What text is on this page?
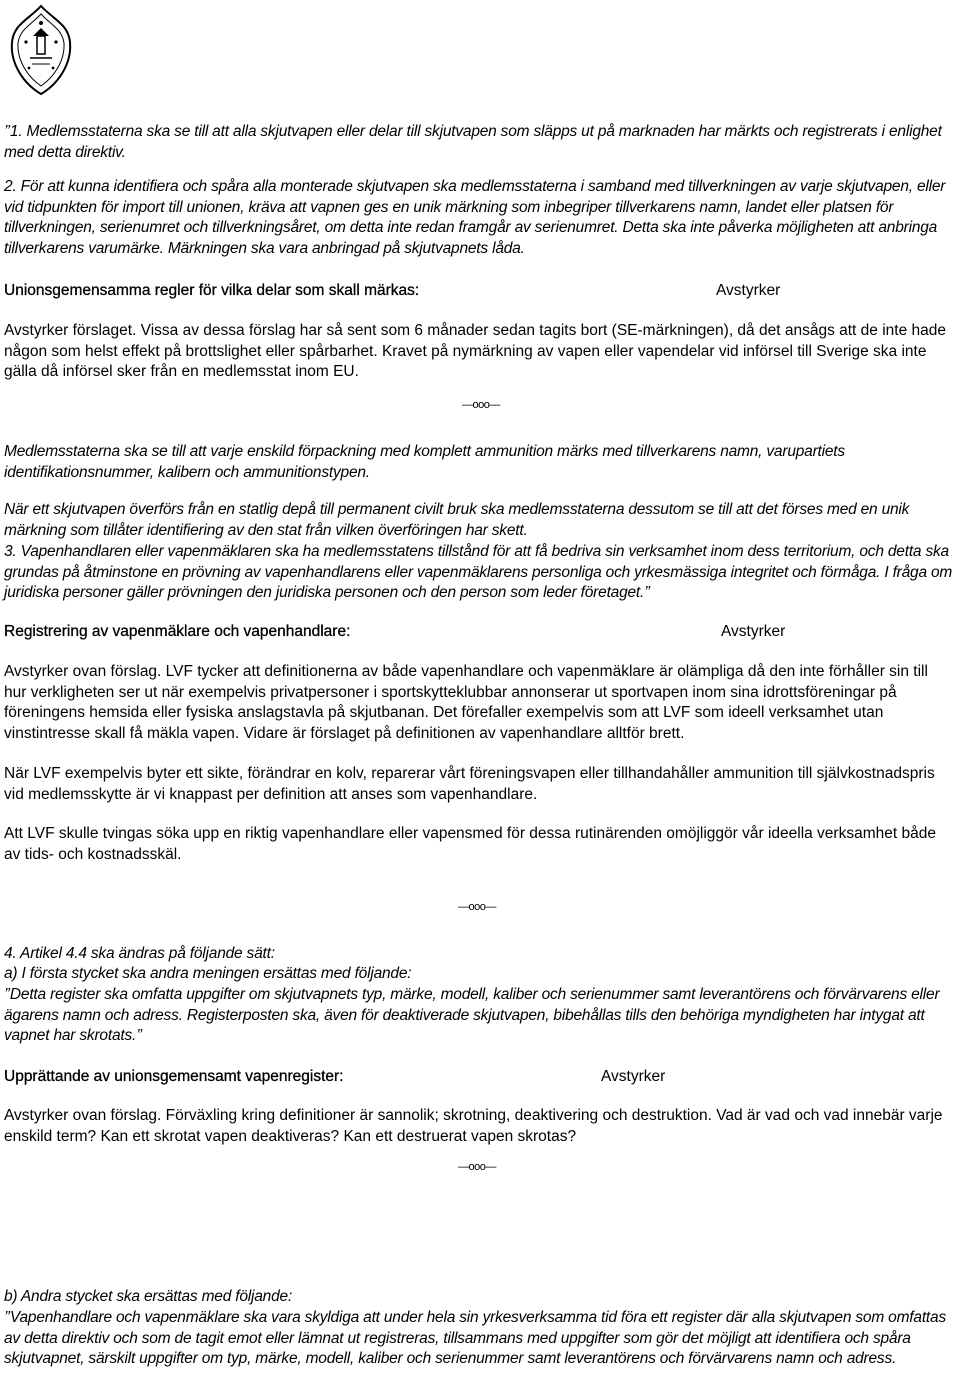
’’1. Medlemsstaterna ska se till att alla skjutvapen eller delar till skjutvapen som släpps ut på marknaden har märkts och registrerats i enlighet med detta direktiv.

2. För att kunna identifiera och spåra alla monterade skjutvapen ska medlemsstaterna i samband med tillverkningen av varje skjutvapen, eller vid tidpunkten för import till unionen, kräva att vapnen ges en unik märkning som inbegriper tillverkarens namn, landet eller platsen för tillverkningen, serienumret och tillverkningsåret, om detta inte redan framgår av serienumret. Detta ska inte påverka möjligheten att anbringa tillverkarens varumärke. Märkningen ska vara anbringad på skjutvapnets låda.

Unionsgemensamma regler för vilka delar som skall märkas:	Avstyrker

Avstyrker förslaget. Vissa av dessa förslag har så sent som 6 månader sedan tagits bort (SE-märkningen), då det ansågs att de inte hade någon som helst effekt på brottslighet eller spårbarhet. Kravet på nymärkning av vapen eller vapendelar vid införsel till Sverige ska inte gälla då införsel sker från en medlemsstat inom EU.

—ooo—

Medlemsstaterna ska se till att varje enskild förpackning med komplett ammunition märks med tillverkarens namn, varupartiets identifikationsnummer, kalibern och ammunitionstypen.

När ett skjutvapen överförs från en statlig depå till permanent civilt bruk ska medlemsstaterna dessutom se till att det förses med en unik märkning som tillåter identifiering av den stat från vilken överföringen har skett.

3. Vapenhandlaren eller vapenmäklaren ska ha medlemsstatens tillstånd för att få bedriva sin verksamhet inom dess territorium, och detta ska grundas på åtminstone en prövning av vapenhandlarens eller vapenmäklarens personliga och yrkesmässiga integritet och förmåga. I fråga om juridiska personer gäller prövningen den juridiska personen och den person som leder företaget.’’

Registrering av vapenmäklare och vapenhandlare:	Avstyrker

Avstyrker ovan förslag. LVF tycker att definitionerna av både vapenhandlare och vapenmäklare är olämpliga då den inte förhåller sin till hur verkligheten ser ut när exempelvis privatpersoner i sportskytteklubbar annonserar ut sportvapen inom sina idrottsföreningar på föreningens hemsida eller fysiska anslagstavla på skjutbanan. Det förefaller exempelvis som att LVF som ideell verksamhet utan vinstintresse skall få mäkla vapen. Vidare är förslaget på definitionen av vapenhandlare alltför brett.

När LVF exempelvis byter ett sikte, förändrar en kolv, reparerar vårt föreningsvapen eller tillhandahåller ammunition till självkostnadspris vid medlemsskytte är vi knappast per definition att anses som vapenhandlare.

Att LVF skulle tvingas söka upp en riktig vapenhandlare eller vapensmed för dessa rutinärenden omöjliggör vår ideella verksamhet både av tids- och kostnadsskäl.

—ooo—

4. Artikel 4.4 ska ändras på följande sätt:

a) I första stycket ska andra meningen ersättas med följande:

’’Detta register ska omfatta uppgifter om skjutvapnets typ, märke, modell, kaliber och serienummer samt leverantörens och förvärvarens eller ägarens namn och adress. Registerposten ska, även för deaktiverade skjutvapen, bibehållas tills den behöriga myndigheten har intygat att vapnet har skrotats.’’

Upprättande av unionsgemensamt vapenregister:	Avstyrker

Avstyrker ovan förslag. Förväxling kring definitioner är sannolik; skrotning, deaktivering och destruktion. Vad är vad och vad innebär varje enskild term? Kan ett skrotat vapen deaktiveras? Kan ett destruerat vapen skrotas?

—ooo—

b) Andra stycket ska ersättas med följande:

’’Vapenhandlare och vapenmäklare ska vara skyldiga att under hela sin yrkesverksamma tid föra ett register där alla skjutvapen som omfattas av detta direktiv och som de tagit emot eller lämnat ut registreras, tillsammans med uppgifter som gör det möjligt att identifiera och spåra skjutvapnet, särskilt uppgifter om typ, märke, modell, kaliber och serienummer samt leverantörens och förvärvarens namn och adress.
